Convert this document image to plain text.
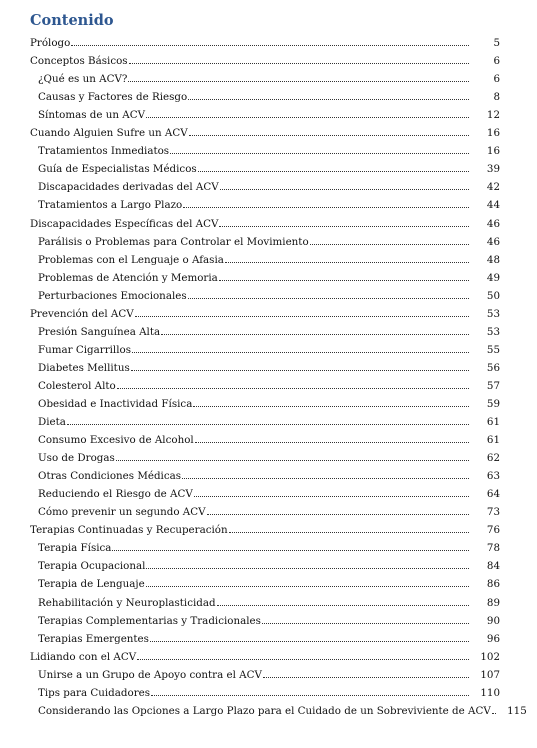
Contenido
Prólogo	5
Conceptos Básicos	6
¿Qué es un ACV?	6
Causas y Factores de Riesgo	8
Síntomas de un ACV	12
Cuando Alguien Sufre un ACV	16
Tratamientos Inmediatos	16
Guía de Especialistas Médicos	39
Discapacidades derivadas del ACV	42
Tratamientos a Largo Plazo	44
Discapacidades Específicas del ACV	46
Parálisis o Problemas para Controlar el Movimiento	46
Problemas con el Lenguaje o Afasia	48
Problemas de Atención y Memoria	49
Perturbaciones Emocionales	50
Prevención del ACV	53
Presión Sanguínea Alta	53
Fumar Cigarrillos	55
Diabetes Mellitus	56
Colesterol Alto	57
Obesidad e Inactividad Física	59
Dieta	61
Consumo Excesivo de Alcohol	61
Uso de Drogas	62
Otras Condiciones Médicas	63
Reduciendo el Riesgo de ACV	64
Cómo prevenir un segundo ACV	73
Terapias Continuadas y Recuperación	76
Terapia Física	78
Terapia Ocupacional	84
Terapia de Lenguaje	86
Rehabilitación y Neuroplasticidad	89
Terapias Complementarias y Tradicionales	90
Terapias Emergentes	96
Lidiando con el ACV	102
Unirse a un Grupo de Apoyo contra el ACV	107
Tips para Cuidadores	110
Considerando las Opciones a Largo Plazo para el Cuidado de un Sobreviviente de ACV	115
